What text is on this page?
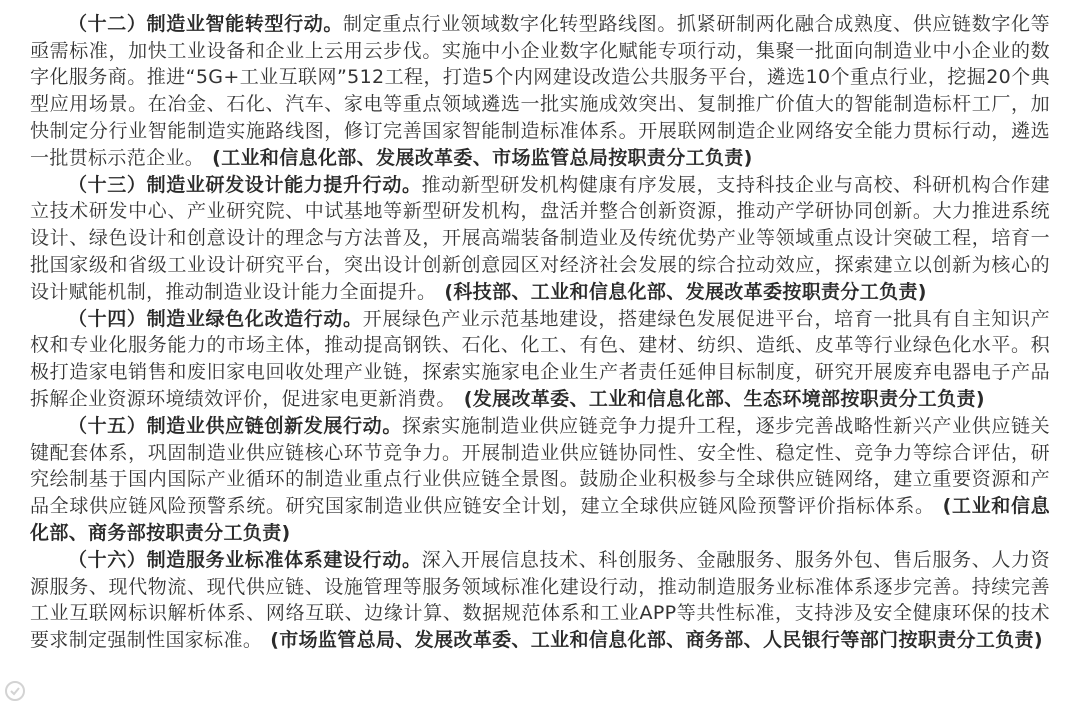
（十二）制造业智能转型行动。制定重点行业领域数字化转型路线图。抓紧研制两化融合成熟度、供应链数字化等亟需标准，加快工业设备和企业上云用云步伐。实施中小企业数字化赋能专项行动，集聚一批面向制造业中小企业的数字化服务商。推进“5G+工业互联网”512工程，打造5个内网建设改造公共服务平台，遴选10个重点行业，挖掘20个典型应用场景。在冶金、石化、汽车、家电等重点领域遴选一批实施成效突出、复制推广价值大的智能制造标杆工厂，加快制定分行业智能制造实施路线图，修订完善国家智能制造标准体系。开展联网制造企业网络安全能力贯标行动，遴选一批贯标示范企业。 (工业和信息化部、发展改革委、市场监管总局按职责分工负责)

（十三）制造业研发设计能力提升行动。推动新型研发机构健康有序发展，支持科技企业与高校、科研机构合作建立技术研发中心、产业研究院、中试基地等新型研发机构，盘活并整合创新资源，推动产学研协同创新。大力推进系统设计、绿色设计和创意设计的理念与方法普及，开展高端装备制造业及传统优势产业等领域重点设计突破工程，培育一批国家级和省级工业设计研究平台，突出设计创新创意园区对经济社会发展的综合拉动效应，探索建立以创新为核心的设计赋能机制，推动制造业设计能力全面提升。 (科技部、工业和信息化部、发展改革委按职责分工负责)

（十四）制造业绿色化改造行动。开展绿色产业示范基地建设，搭建绿色发展促进平台，培育一批具有自主知识产权和专业化服务能力的市场主体，推动提高钢铁、石化、化工、有色、建材、纺织、造纸、皮革等行业绿色化水平。积极打造家电销售和废旧家电回收处理产业链，探索实施家电企业生产者责任延伸目标制度，研究开展废弃电器电子产品拆解企业资源环境绩效评价，促进家电更新消费。 (发展改革委、工业和信息化部、生态环境部按职责分工负责)

（十五）制造业供应链创新发展行动。探索实施制造业供应链竞争力提升工程，逐步完善战略性新兴产业供应链关键配套体系，巩固制造业供应链核心环节竞争力。开展制造业供应链协同性、安全性、稳定性、竞争力等综合评估，研究绘制基于国内国际产业循环的制造业重点行业供应链全景图。鼓励企业积极参与全球供应链网络，建立重要资源和产品全球供应链风险预警系统。研究国家制造业供应链安全计划，建立全球供应链风险预警评价指标体系。 (工业和信息化部、商务部按职责分工负责)

（十六）制造服务业标准体系建设行动。深入开展信息技术、科创服务、金融服务、服务外包、售后服务、人力资源服务、现代物流、现代供应链、设施管理等服务领域标准化建设行动，推动制造服务业标准体系逐步完善。持续完善工业互联网标识解析体系、网络互联、边缘计算、数据规范体系和工业APP等共性标准，支持涉及安全健康环保的技术要求制定强制性国家标准。 (市场监管总局、发展改革委、工业和信息化部、商务部、人民银行等部门按职责分工负责)
